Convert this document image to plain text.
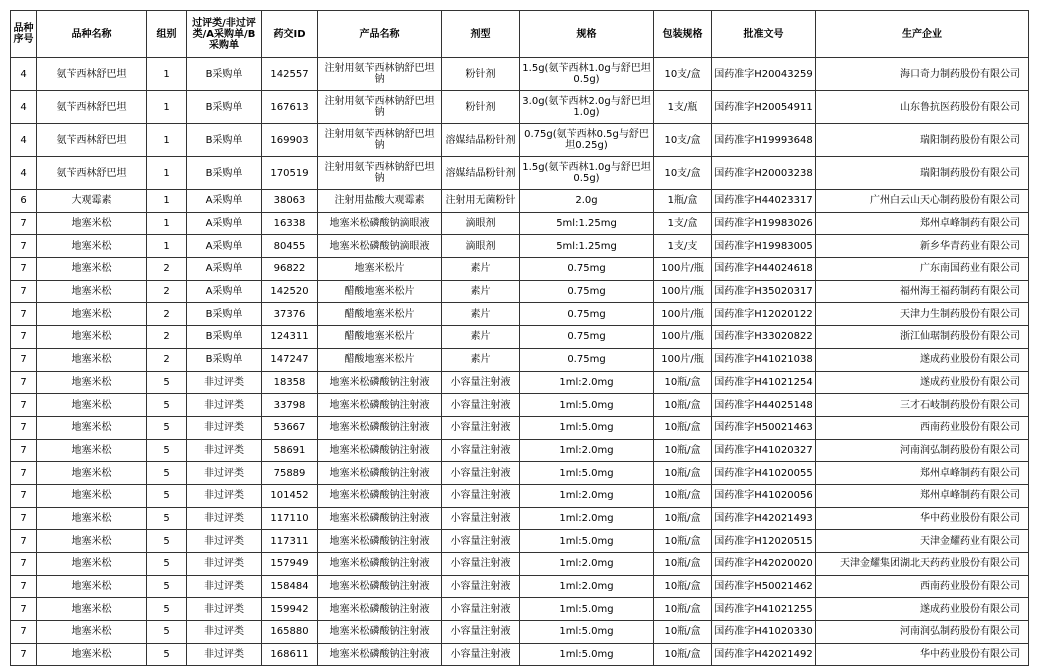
品种序号	品种名称	组别	过评类/非过评类/A采购单/B采购单	药交ID	产品名称	剂型	规格	包装规格	批准文号	生产企业
4	氨苄西林舒巴坦	1	B采购单	142557	注射用氨苄西林钠舒巴坦钠	粉针剂	1.5g(氨苄西林1.0g与舒巴坦0.5g)	10支/盒	国药准字H20043259	海口奇力制药股份有限公司
4	氨苄西林舒巴坦	1	B采购单	167613	注射用氨苄西林钠舒巴坦钠	粉针剂	3.0g(氨苄西林2.0g与舒巴坦1.0g)	1支/瓶	国药准字H20054911	山东鲁抗医药股份有限公司
4	氨苄西林舒巴坦	1	B采购单	169903	注射用氨苄西林钠舒巴坦钠	溶媒结晶粉针剂	0.75g(氨苄西林0.5g与舒巴坦0.25g)	10支/盒	国药准字H19993648	瑞阳制药股份有限公司
4	氨苄西林舒巴坦	1	B采购单	170519	注射用氨苄西林钠舒巴坦钠	溶媒结晶粉针剂	1.5g(氨苄西林1.0g与舒巴坦0.5g)	10支/盒	国药准字H20003238	瑞阳制药股份有限公司
6	大观霉素	1	A采购单	38063	注射用盐酸大观霉素	注射用无菌粉针	2.0g	1瓶/盒	国药准字H44023317	广州白云山天心制药股份有限公司
7	地塞米松	1	A采购单	16338	地塞米松磷酸钠滴眼液	滴眼剂	5ml:1.25mg	1支/盒	国药准字H19983026	郑州卓峰制药有限公司
7	地塞米松	1	A采购单	80455	地塞米松磷酸钠滴眼液	滴眼剂	5ml:1.25mg	1支/支	国药准字H19983005	新乡华青药业有限公司
7	地塞米松	2	A采购单	96822	地塞米松片	素片	0.75mg	100片/瓶	国药准字H44024618	广东南国药业有限公司
7	地塞米松	2	A采购单	142520	醋酸地塞米松片	素片	0.75mg	100片/瓶	国药准字H35020317	福州海王福药制药有限公司
7	地塞米松	2	B采购单	37376	醋酸地塞米松片	素片	0.75mg	100片/瓶	国药准字H12020122	天津力生制药股份有限公司
7	地塞米松	2	B采购单	124311	醋酸地塞米松片	素片	0.75mg	100片/瓶	国药准字H33020822	浙江仙琚制药股份有限公司
7	地塞米松	2	B采购单	147247	醋酸地塞米松片	素片	0.75mg	100片/瓶	国药准字H41021038	遂成药业股份有限公司
7	地塞米松	5	非过评类	18358	地塞米松磷酸钠注射液	小容量注射液	1ml:2.0mg	10瓶/盒	国药准字H41021254	遂成药业股份有限公司
7	地塞米松	5	非过评类	33798	地塞米松磷酸钠注射液	小容量注射液	1ml:5.0mg	10瓶/盒	国药准字H44025148	三才石岐制药股份有限公司
7	地塞米松	5	非过评类	53667	地塞米松磷酸钠注射液	小容量注射液	1ml:5.0mg	10瓶/盒	国药准字H50021463	西南药业股份有限公司
7	地塞米松	5	非过评类	58691	地塞米松磷酸钠注射液	小容量注射液	1ml:2.0mg	10瓶/盒	国药准字H41020327	河南润弘制药股份有限公司
7	地塞米松	5	非过评类	75889	地塞米松磷酸钠注射液	小容量注射液	1ml:5.0mg	10瓶/盒	国药准字H41020055	郑州卓峰制药有限公司
7	地塞米松	5	非过评类	101452	地塞米松磷酸钠注射液	小容量注射液	1ml:2.0mg	10瓶/盒	国药准字H41020056	郑州卓峰制药有限公司
7	地塞米松	5	非过评类	117110	地塞米松磷酸钠注射液	小容量注射液	1ml:2.0mg	10瓶/盒	国药准字H42021493	华中药业股份有限公司
7	地塞米松	5	非过评类	117311	地塞米松磷酸钠注射液	小容量注射液	1ml:5.0mg	10瓶/盒	国药准字H12020515	天津金耀药业有限公司
7	地塞米松	5	非过评类	157949	地塞米松磷酸钠注射液	小容量注射液	1ml:2.0mg	10瓶/盒	国药准字H42020020	天津金耀集团湖北天药药业股份有限公司
7	地塞米松	5	非过评类	158484	地塞米松磷酸钠注射液	小容量注射液	1ml:2.0mg	10瓶/盒	国药准字H50021462	西南药业股份有限公司
7	地塞米松	5	非过评类	159942	地塞米松磷酸钠注射液	小容量注射液	1ml:5.0mg	10瓶/盒	国药准字H41021255	遂成药业股份有限公司
7	地塞米松	5	非过评类	165880	地塞米松磷酸钠注射液	小容量注射液	1ml:5.0mg	10瓶/盒	国药准字H41020330	河南润弘制药股份有限公司
7	地塞米松	5	非过评类	168611	地塞米松磷酸钠注射液	小容量注射液	1ml:5.0mg	10瓶/盒	国药准字H42021492	华中药业股份有限公司
